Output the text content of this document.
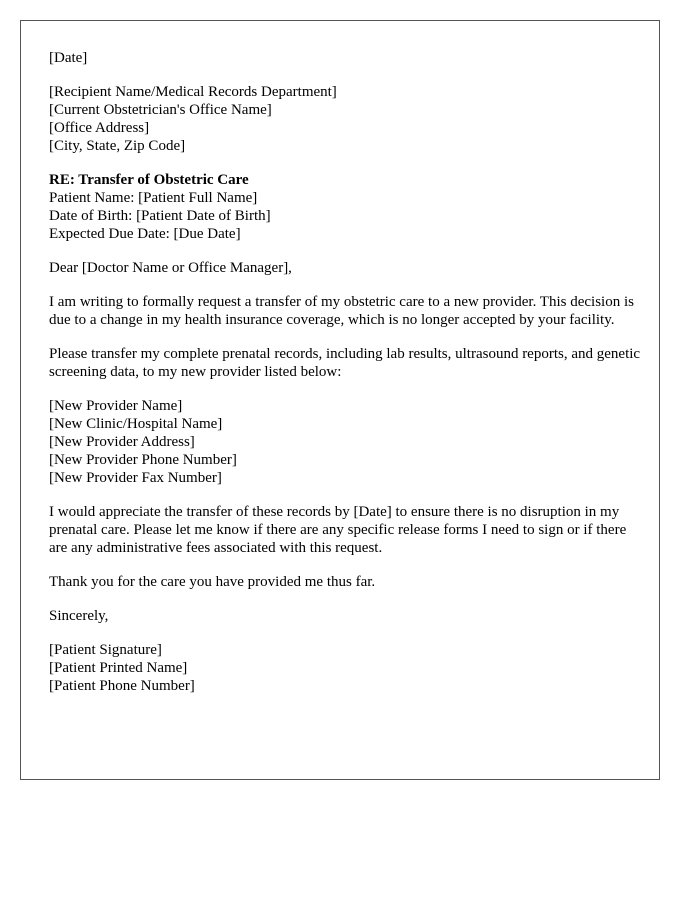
[Date]
[Recipient Name/Medical Records Department]
[Current Obstetrician's Office Name]
[Office Address]
[City, State, Zip Code]
RE: Transfer of Obstetric Care
Patient Name: [Patient Full Name]
Date of Birth: [Patient Date of Birth]
Expected Due Date: [Due Date]

Dear [Doctor Name or Office Manager],

I am writing to formally request a transfer of my obstetric care to a new provider. This decision is due to a change in my health insurance coverage, which is no longer accepted by your facility.

Please transfer my complete prenatal records, including lab results, ultrasound reports, and genetic screening data, to my new provider listed below:

[New Provider Name]
[New Clinic/Hospital Name]
[New Provider Address]
[New Provider Phone Number]
[New Provider Fax Number]

I would appreciate the transfer of these records by [Date] to ensure there is no disruption in my prenatal care. Please let me know if there are any specific release forms I need to sign or if there are any administrative fees associated with this request.

Thank you for the care you have provided me thus far.

Sincerely,

[Patient Signature]
[Patient Printed Name]
[Patient Phone Number]
